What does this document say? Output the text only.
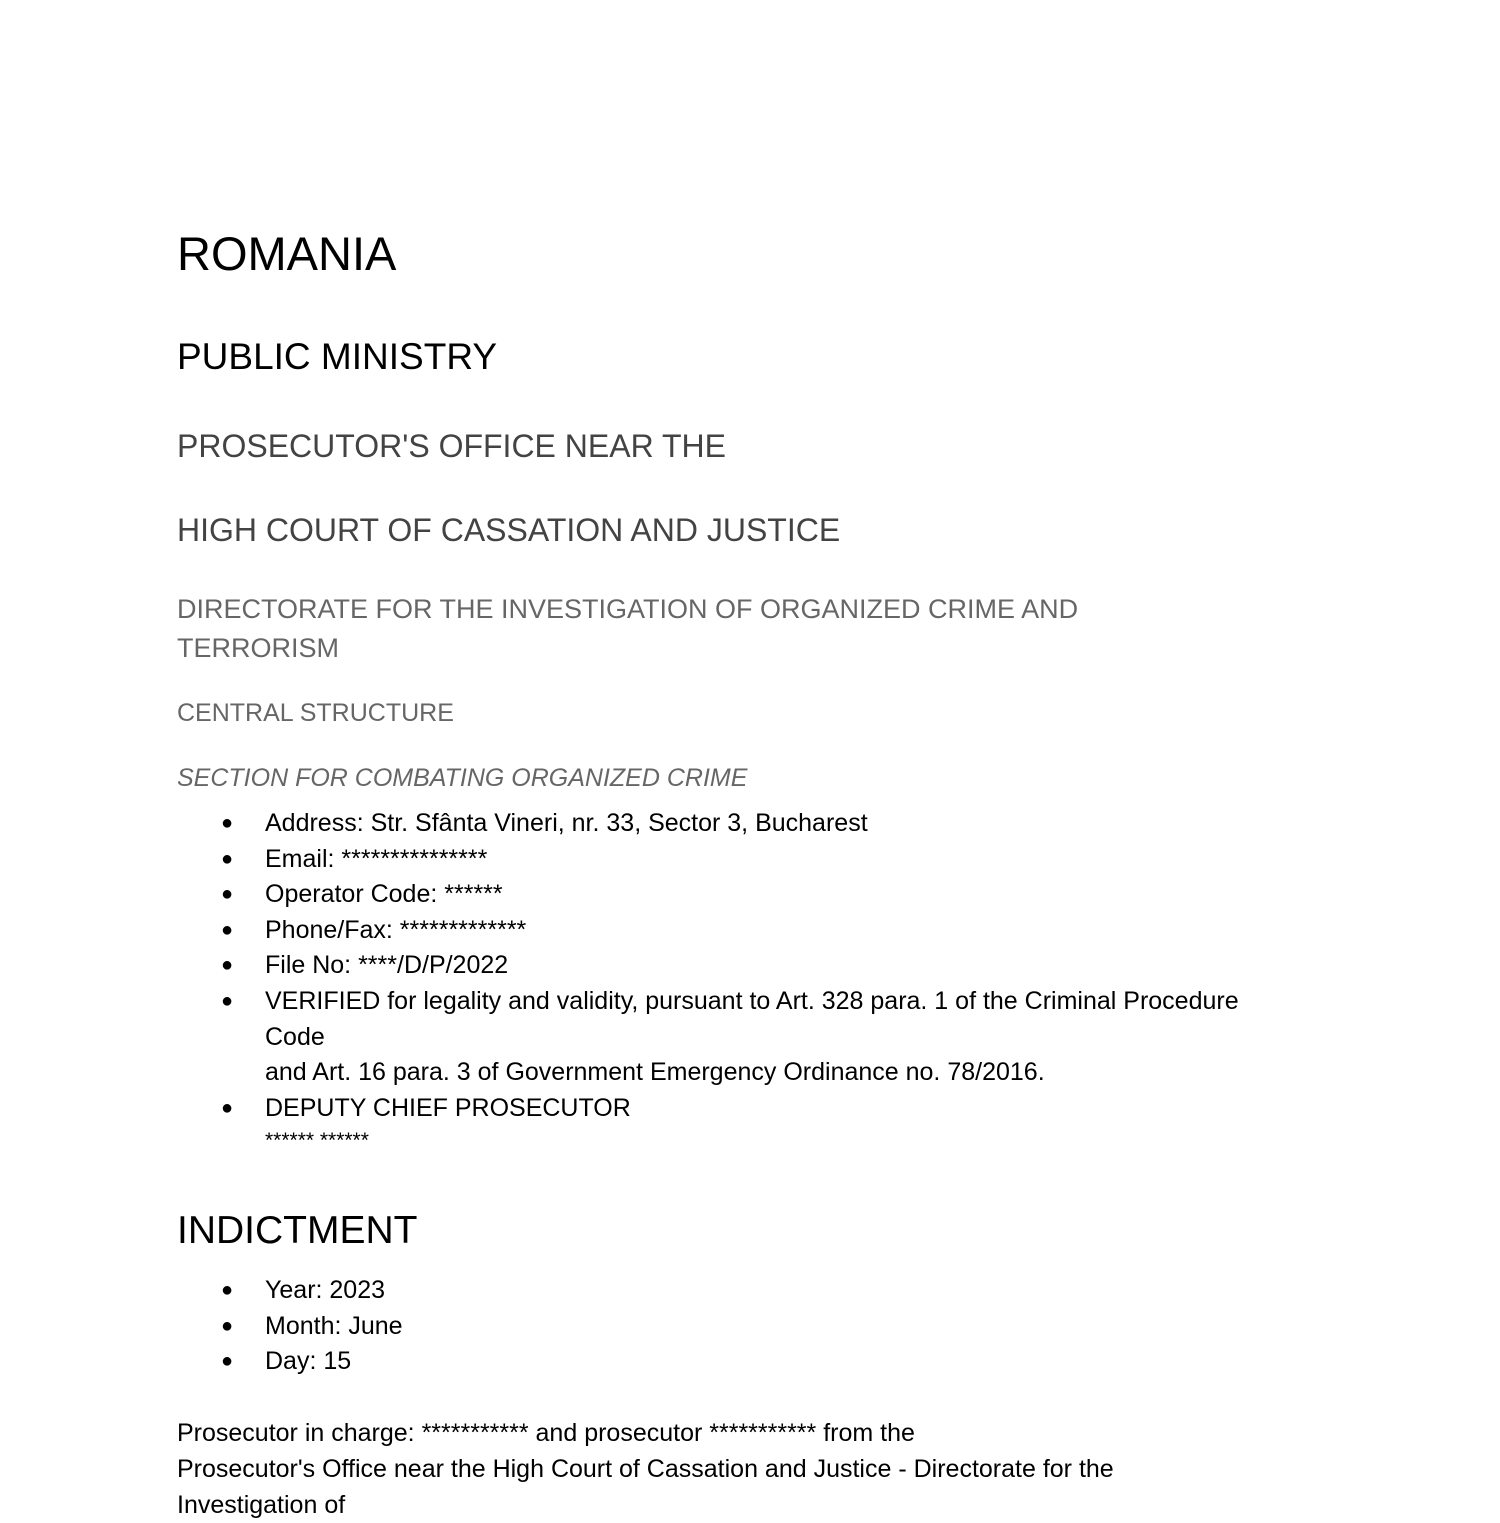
ROMANIA
PUBLIC MINISTRY
PROSECUTOR'S OFFICE NEAR THE
HIGH COURT OF CASSATION AND JUSTICE
DIRECTORATE FOR THE INVESTIGATION OF ORGANIZED CRIME AND TERRORISM
CENTRAL STRUCTURE
SECTION FOR COMBATING ORGANIZED CRIME
● Address: Str. Sfânta Vineri, nr. 33, Sector 3, Bucharest
● Email: ***************
● Operator Code: ******
● Phone/Fax: *************
● File No: ****/D/P/2022
● VERIFIED for legality and validity, pursuant to Art. 328 para. 1 of the Criminal Procedure
Code
and Art. 16 para. 3 of Government Emergency Ordinance no. 78/2016.
● DEPUTY CHIEF PROSECUTOR
****** ******
INDICTMENT
● Year: 2023
● Month: June
● Day: 15
Prosecutor in charge: *********** and prosecutor *********** from the
Prosecutor's Office near the High Court of Cassation and Justice - Directorate for the
Investigation of
